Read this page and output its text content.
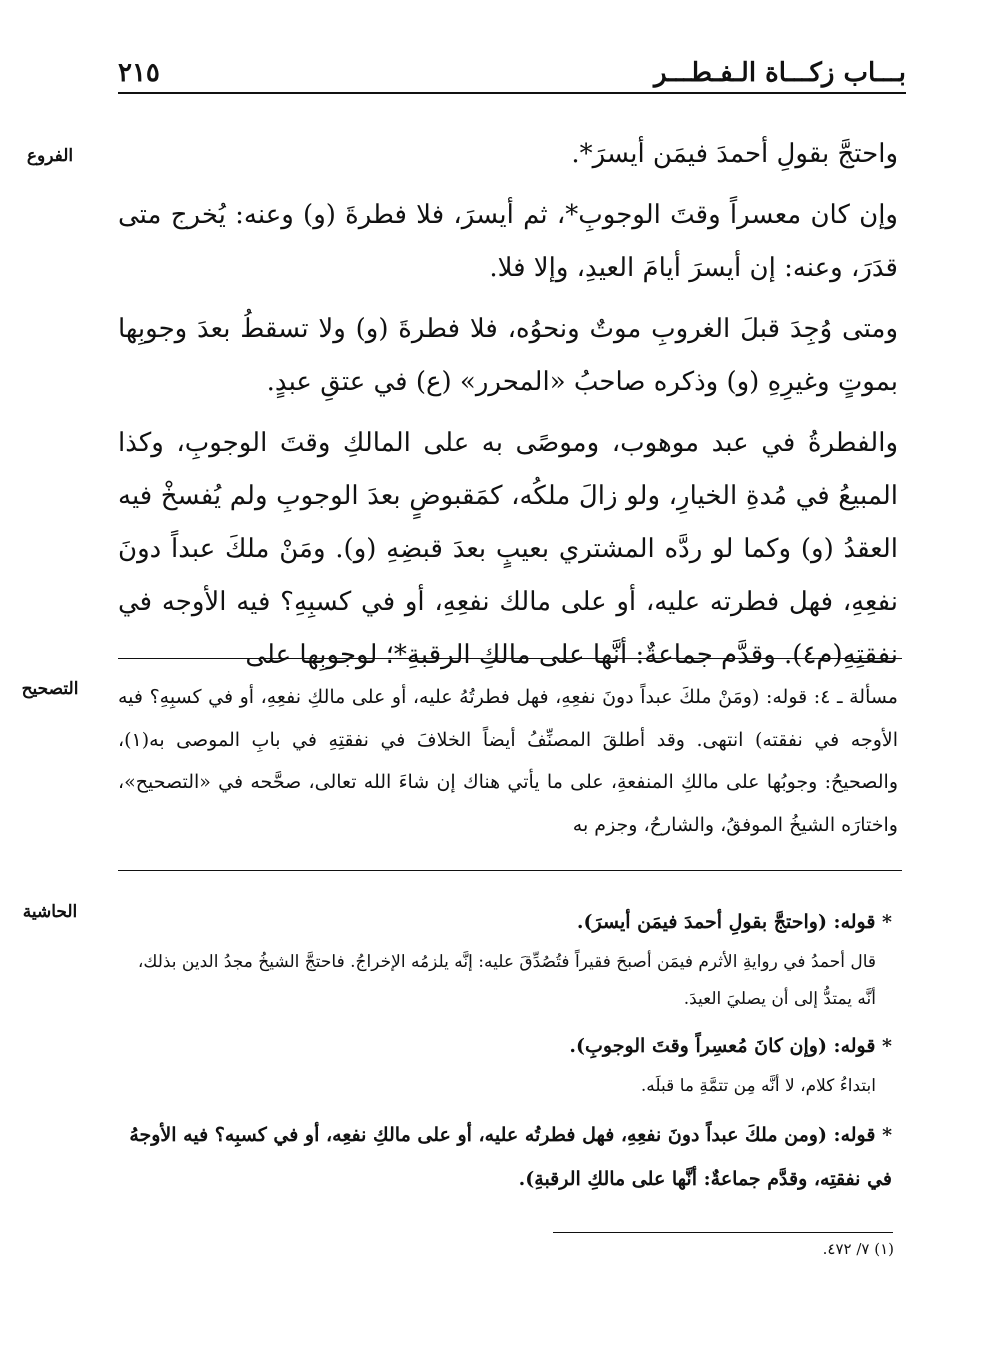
بـــاب زكـــاة الـفـطـــر
٢١٥
الفروع
التصحيح
الحاشية

واحتجَّ بقولِ أحمدَ فيمَن أيسرَ*.

وإن كان معسراً وقتَ الوجوبِ*، ثم أيسرَ، فلا فطرةَ (و) وعنه: يُخرج متى قدَرَ، وعنه: إن أيسرَ أيامَ العيدِ، وإلا فلا.

ومتى وُجِدَ قبلَ الغروبِ موتٌ ونحوُه، فلا فطرةَ (و) ولا تسقطُ بعدَ وجوبِها بموتٍ وغيرِهِ (و) وذكره صاحبُ «المحرر» (ع) في عتقِ عبدٍ.

والفطرةُ في عبد موهوب، وموصًى به على المالكِ وقتَ الوجوبِ، وكذا المبيعُ في مُدةِ الخيارِ، ولو زالَ ملكُه، كمَقبوضٍ بعدَ الوجوبِ ولم يُفسخْ فيه العقدُ (و) وكما لو ردَّه المشتري بعيبٍ بعدَ قبضِهِ (و). ومَنْ ملكَ عبداً دونَ نفعِهِ، فهل فطرته عليه، أو على مالك نفعِهِ، أو في كسبِهِ؟ فيه الأوجه في نفقتِهِ(م٤). وقدَّم جماعةٌ: أنَّها على مالكِ الرقبةِ*؛ لوجوبِها على

مسألة ـ ٤: قوله: (ومَنْ ملكَ عبداً دونَ نفعِهِ، فهل فطرتُهُ عليه، أو على مالكِ نفعِهِ، أو في كسبِهِ؟ فيه الأوجه في نفقته) انتهى. وقد أطلقَ المصنِّفُ أيضاً الخلافَ في نفقتِهِ في بابِ الموصى به(١)، والصحيحُ: وجوبُها على مالكِ المنفعةِ، على ما يأتي هناك إن شاءَ الله تعالى، صحَّحه في «التصحيح»، واختارَه الشيخُ الموفقُ، والشارحُ، وجزم به

* قوله: (واحتجَّ بقولِ أحمدَ فيمَن أيسرَ).

قال أحمدُ في روايةِ الأثرم فيمَن أصبحَ فقيراً فتُصُدِّقَ عليه: إنَّه يلزمُه الإخراجُ. فاحتجَّ الشيخُ مجدُ الدين بذلك، أنَّه يمتدُّ إلى أن يصليَ العيدَ.

* قوله: (وإن كانَ مُعسِراً وقتَ الوجوبِ).

ابتداءُ كلام، لا أنَّه مِن تتمَّةِ ما قبلَه.

* قوله: (ومن ملكَ عبداً دونَ نفعِهِ، فهل فطرتُه عليه، أو على مالكِ نفعِه، أو في كسبِه؟ فيه الأوجهُ في نفقتِه، وقدَّم جماعةٌ: أنَّها على مالكِ الرقبةِ).

(١) ٧/ ٤٧٢.
